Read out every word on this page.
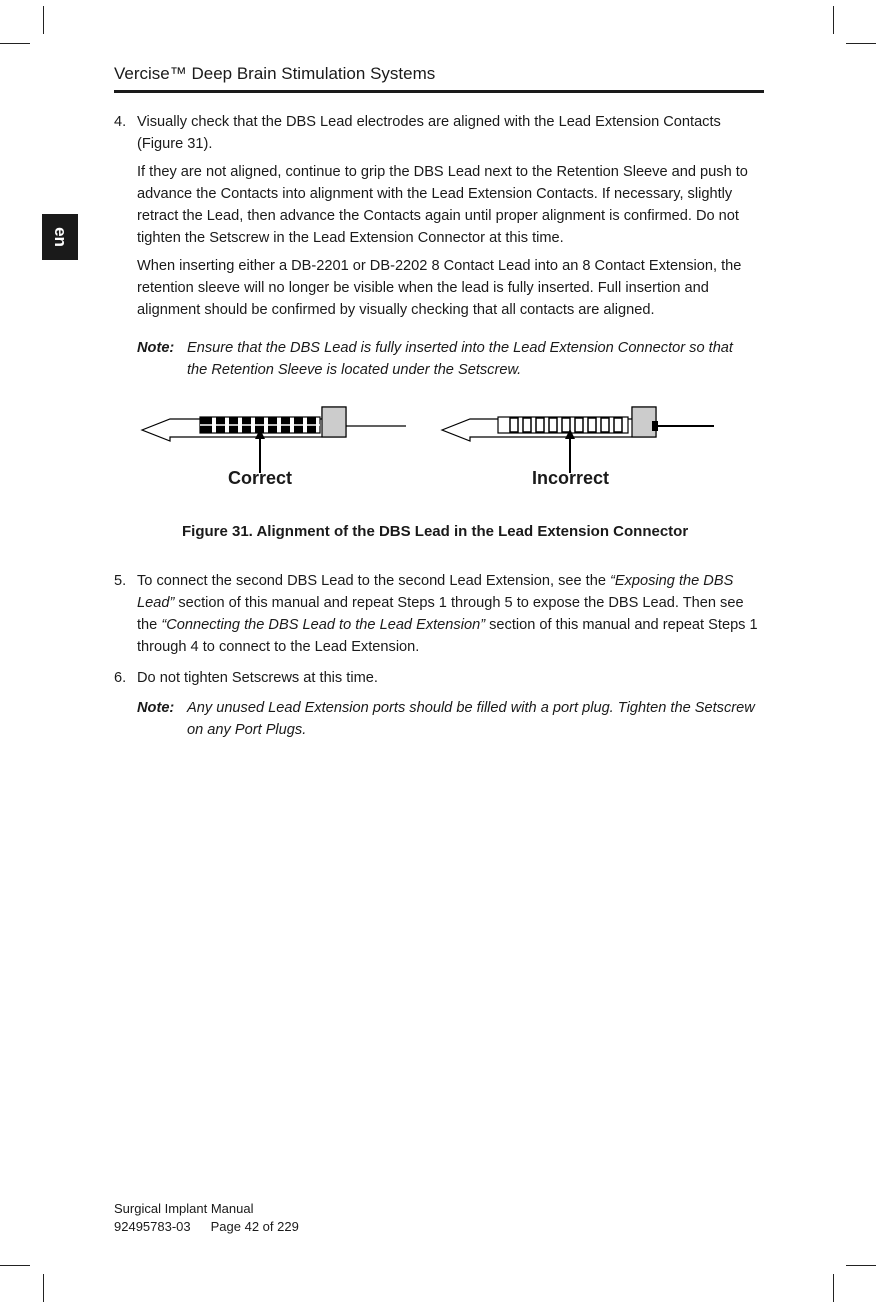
Vercise™ Deep Brain Stimulation Systems
en
4. Visually check that the DBS Lead electrodes are aligned with the Lead Extension Contacts (Figure 31).

If they are not aligned, continue to grip the DBS Lead next to the Retention Sleeve and push to advance the Contacts into alignment with the Lead Extension Contacts. If necessary, slightly retract the Lead, then advance the Contacts again until proper alignment is confirmed. Do not tighten the Setscrew in the Lead Extension Connector at this time.

When inserting either a DB-2201 or DB-2202 8 Contact Lead into an 8 Contact Extension, the retention sleeve will no longer be visible when the lead is fully inserted. Full insertion and alignment should be confirmed by visually checking that all contacts are aligned.

Note: Ensure that the DBS Lead is fully inserted into the Lead Extension Connector so that the Retention Sleeve is located under the Setscrew.
Correct	Incorrect
Figure 31. Alignment of the DBS Lead in the Lead Extension Connector
5. To connect the second DBS Lead to the second Lead Extension, see the “Exposing the DBS Lead” section of this manual and repeat Steps 1 through 5 to expose the DBS Lead. Then see the “Connecting the DBS Lead to the Lead Extension” section of this manual and repeat Steps 1 through 4 to connect to the Lead Extension.
6. Do not tighten Setscrews at this time.
Note: Any unused Lead Extension ports should be filled with a port plug. Tighten the Setscrew on any Port Plugs.
Surgical Implant Manual
92495783-03 Page 42 of 229
